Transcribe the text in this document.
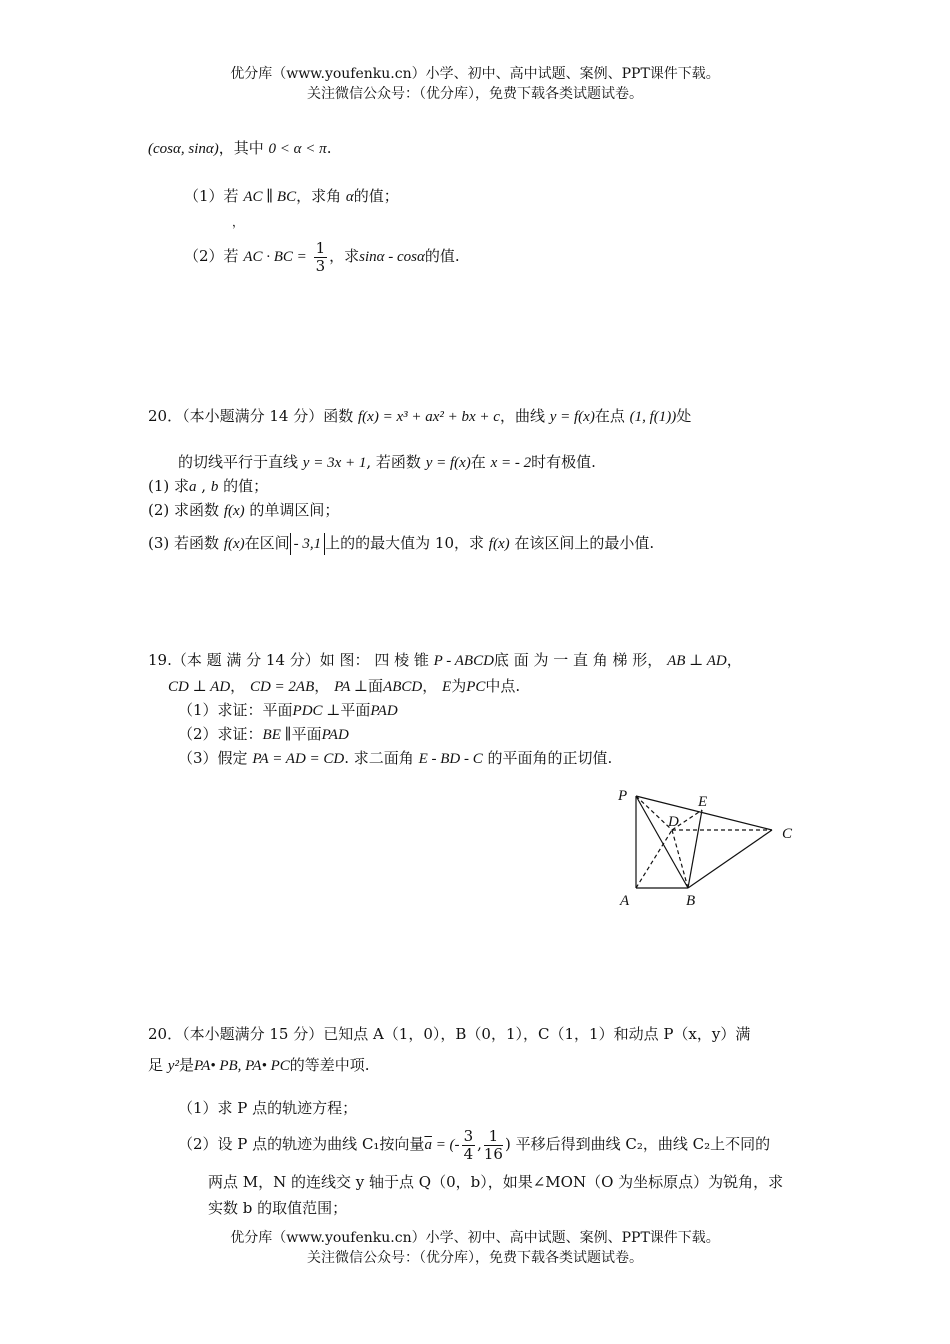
优分库（www.youfenku.cn）小学、初中、高中试题、案例、PPT课件下载。
关注微信公众号：（优分库），免费下载各类试题试卷。
(cosα, sinα)，其中 0 < α < π.
（1）若 AC ∥ BC，求角 α的值；
，
（2）若 AC · BC = $\frac{1}{3}$ ，求sinα - cosα的值.
20．（本小题满分 14 分）函数 f(x) = x³ + ax² + bx + c，曲线 y = f(x)在点 (1, f(1))处
的切线平行于直线 y = 3x + 1, 若函数 y = f(x)在 x = - 2时有极值.
(1) 求a , b 的值；
(2) 求函数 f(x) 的单调区间；
(3) 若函数 f(x)在区间 - 3,1 上的的最大值为 10，求 f(x) 在该区间上的最小值.
19.（本 题 满 分 14 分）如 图： 四 棱 锥 P - ABCD底 面 为 一 直 角 梯 形， AB ⊥ AD，
CD ⊥ AD， CD = 2AB， PA ⊥面ABCD， E为PC中点.
（1）求证：平面PDC ⊥平面PAD
（2）求证：BE ∥平面PAD
（3）假定 PA = AD = CD. 求二面角 E - BD - C 的平面角的正切值.
P	E
D
C
A	B
20．（本小题满分 15 分）已知点 A（1，0），B（0，1），C（1，1）和动点 P（x，y）满
足 y²是PA• PB, PA• PC的等差中项.
（1）求 P 点的轨迹方程；
（2）设 P 点的轨迹为曲线 C₁按向量$\overline{a}$ = (- $\frac{3}{4}$ , $\frac{1}{16}$ ) 平移后得到曲线 C₂，曲线 C₂上不同的
两点 M，N 的连线交 y 轴于点 Q（0，b），如果∠MON（O 为坐标原点）为锐角，求
实数 b 的取值范围；
优分库（www.youfenku.cn）小学、初中、高中试题、案例、PPT课件下载。
关注微信公众号：（优分库），免费下载各类试题试卷。
